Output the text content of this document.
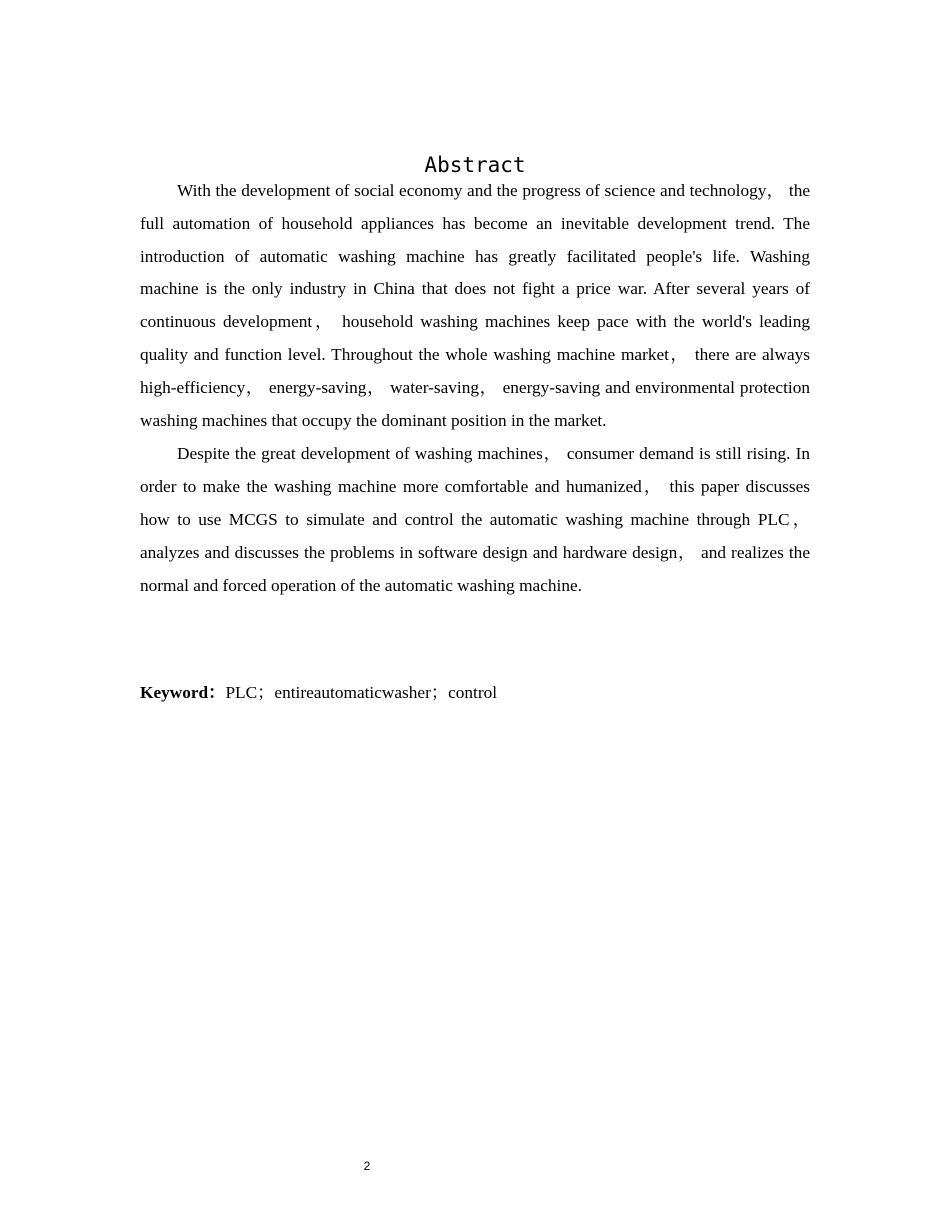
Abstract

With the development of social economy and the progress of science and technology， the full automation of household appliances has become an inevitable development trend. The introduction of automatic washing machine has greatly facilitated people's life. Washing machine is the only industry in China that does not fight a price war. After several years of continuous development， household washing machines keep pace with the world's leading quality and function level. Throughout the whole washing machine market， there are always high-efficiency， energy-saving， water-saving， energy-saving and environmental protection washing machines that occupy the dominant position in the market.

Despite the great development of washing machines， consumer demand is still rising. In order to make the washing machine more comfortable and humanized， this paper discusses how to use MCGS to simulate and control the automatic washing machine through PLC， analyzes and discusses the problems in software design and hardware design， and realizes the normal and forced operation of the automatic washing machine.

Keyword：PLC；entireautomaticwasher；control

2
